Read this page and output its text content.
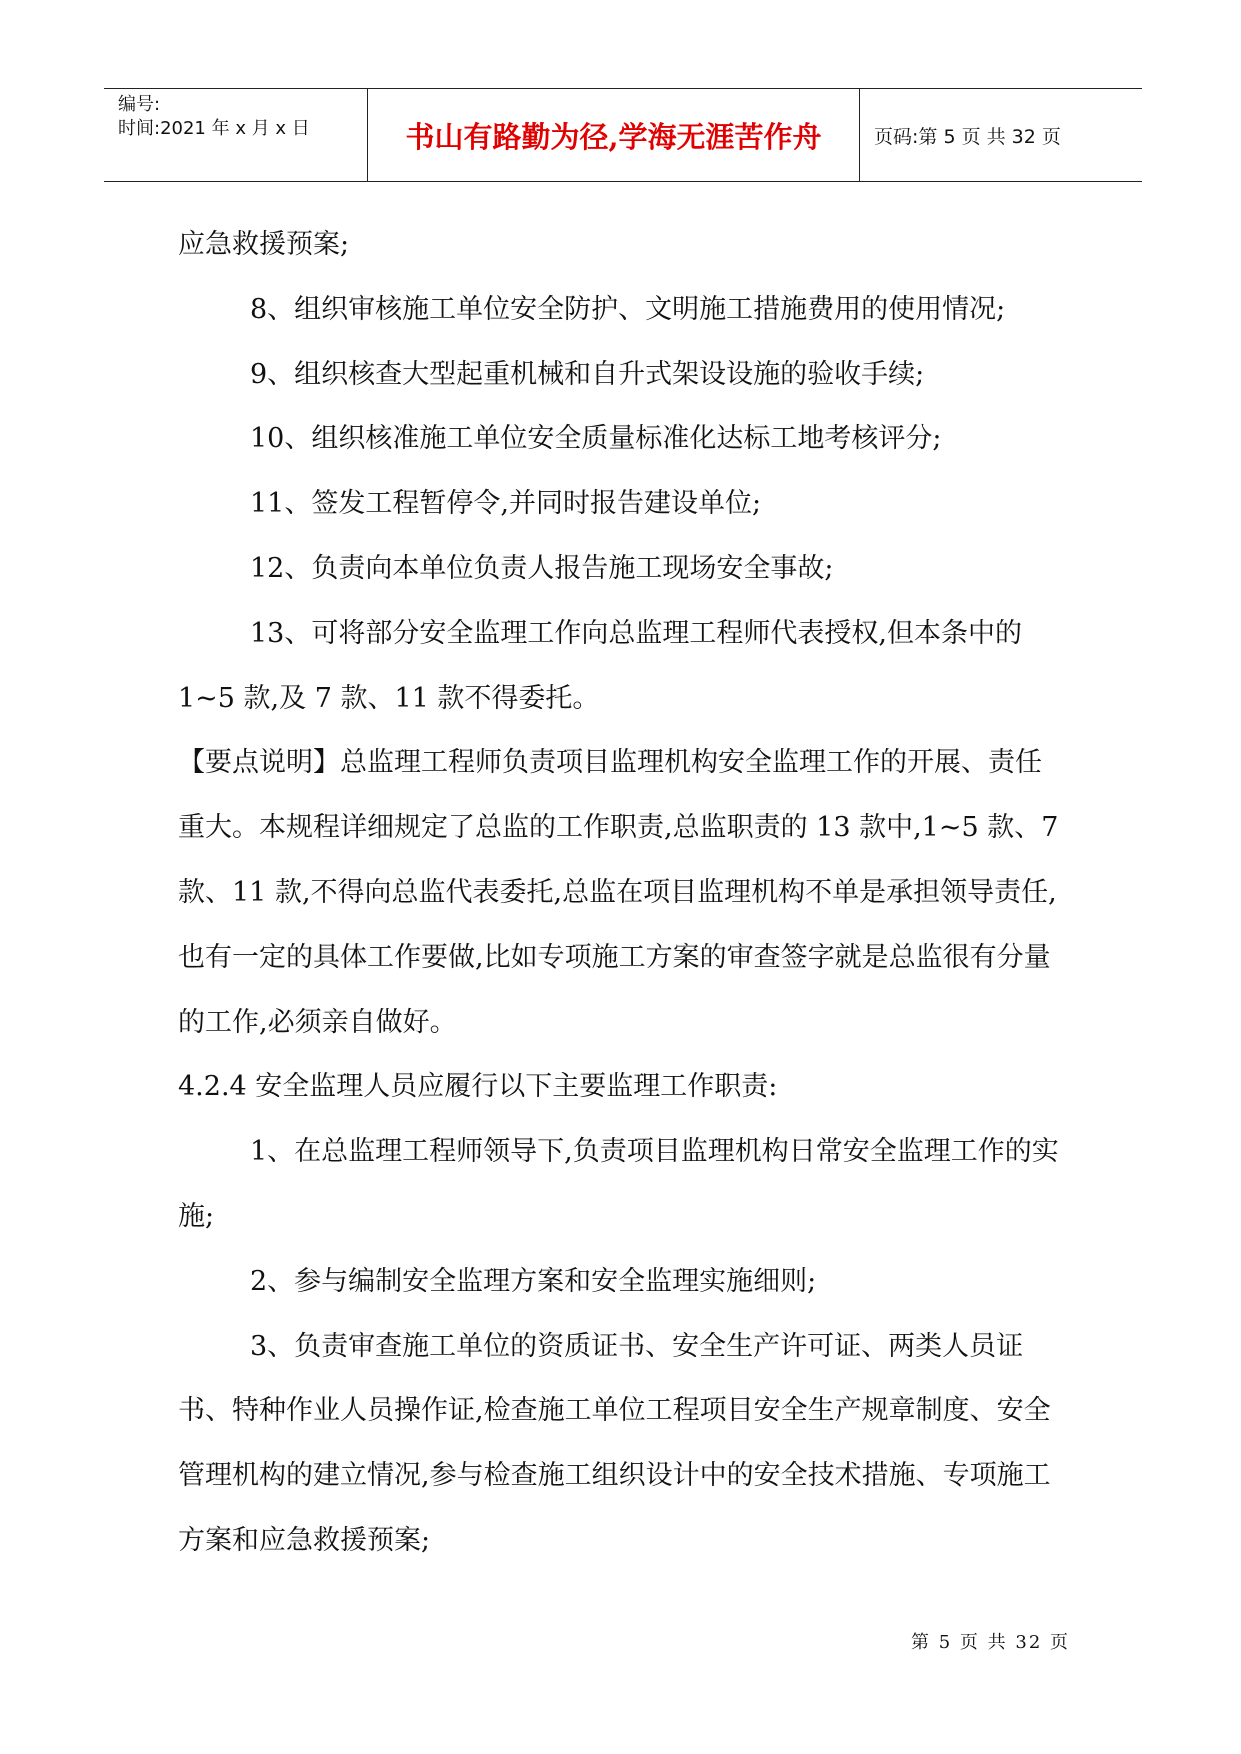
编号:
时间:2021 年 x 月 x 日	书山有路勤为径,学海无涯苦作舟	页码:第 5 页 共 32 页

应急救援预案;

8、组织审核施工单位安全防护、文明施工措施费用的使用情况;

9、组织核查大型起重机械和自升式架设设施的验收手续;

10、组织核准施工单位安全质量标准化达标工地考核评分;

11、签发工程暂停令,并同时报告建设单位;

12、负责向本单位负责人报告施工现场安全事故;

13、可将部分安全监理工作向总监理工程师代表授权,但本条中的 1~5 款,及 7 款、11 款不得委托。

【要点说明】总监理工程师负责项目监理机构安全监理工作的开展、责任重大。本规程详细规定了总监的工作职责,总监职责的 13 款中,1~5 款、7 款、11 款,不得向总监代表委托,总监在项目监理机构不单是承担领导责任,也有一定的具体工作要做,比如专项施工方案的审查签字就是总监很有分量的工作,必须亲自做好。

4.2.4 安全监理人员应履行以下主要监理工作职责:

1、在总监理工程师领导下,负责项目监理机构日常安全监理工作的实施;

2、参与编制安全监理方案和安全监理实施细则;

3、负责审查施工单位的资质证书、安全生产许可证、两类人员证书、特种作业人员操作证,检查施工单位工程项目安全生产规章制度、安全管理机构的建立情况,参与检查施工组织设计中的安全技术措施、专项施工方案和应急救援预案;

第 5 页 共 32 页
